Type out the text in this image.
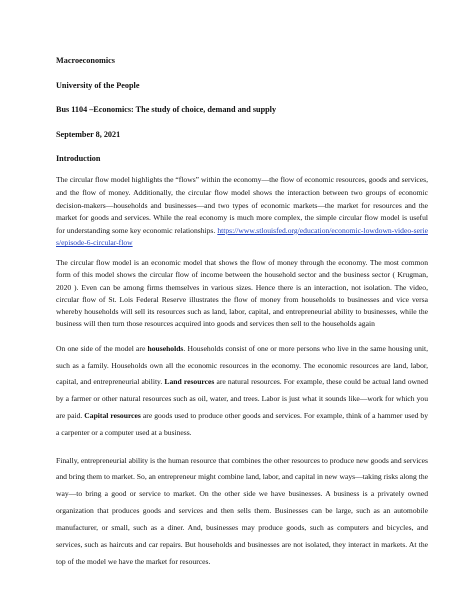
Macroeconomics
University of the People
Bus 1104 –Economics: The study of choice, demand and supply
September 8, 2021
Introduction

The circular flow model highlights the “flows” within the economy—the flow of economic resources, goods and services, and the flow of money. Additionally, the circular flow model shows the interaction between two groups of economic decision-makers—households and businesses—and two types of economic markets—the market for resources and the market for goods and services. While the real economy is much more complex, the simple circular flow model is useful for understanding some key economic relationships. https://www.stlouisfed.org/education/economic-lowdown-video-series/episode-6-circular-flow

The circular flow model is an economic model that shows the flow of money through the economy. The most common form of this model shows the circular flow of income between the household sector and the business sector ( Krugman, 2020 ). Even can be among firms themselves in various sizes. Hence there is an interaction, not isolation. The video, circular flow of St. Lois Federal Reserve illustrates the flow of money from households to businesses and vice versa whereby households will sell its resources such as land, labor, capital, and entrepreneurial ability to businesses, while the business will then turn those resources acquired into goods and services then sell to the households again

On one side of the model are households. Households consist of one or more persons who live in the same housing unit, such as a family. Households own all the economic resources in the economy. The economic resources are land, labor, capital, and entrepreneurial ability. Land resources are natural resources. For example, these could be actual land owned by a farmer or other natural resources such as oil, water, and trees. Labor is just what it sounds like—work for which you are paid. Capital resources are goods used to produce other goods and services. For example, think of a hammer used by a carpenter or a computer used at a business.

Finally, entrepreneurial ability is the human resource that combines the other resources to produce new goods and services and bring them to market. So, an entrepreneur might combine land, labor, and capital in new ways—taking risks along the way—to bring a good or service to market. On the other side we have businesses. A business is a privately owned organization that produces goods and services and then sells them. Businesses can be large, such as an automobile manufacturer, or small, such as a diner. And, businesses may produce goods, such as computers and bicycles, and services, such as haircuts and car repairs. But households and businesses are not isolated, they interact in markets. At the top of the model we have the market for resources.
